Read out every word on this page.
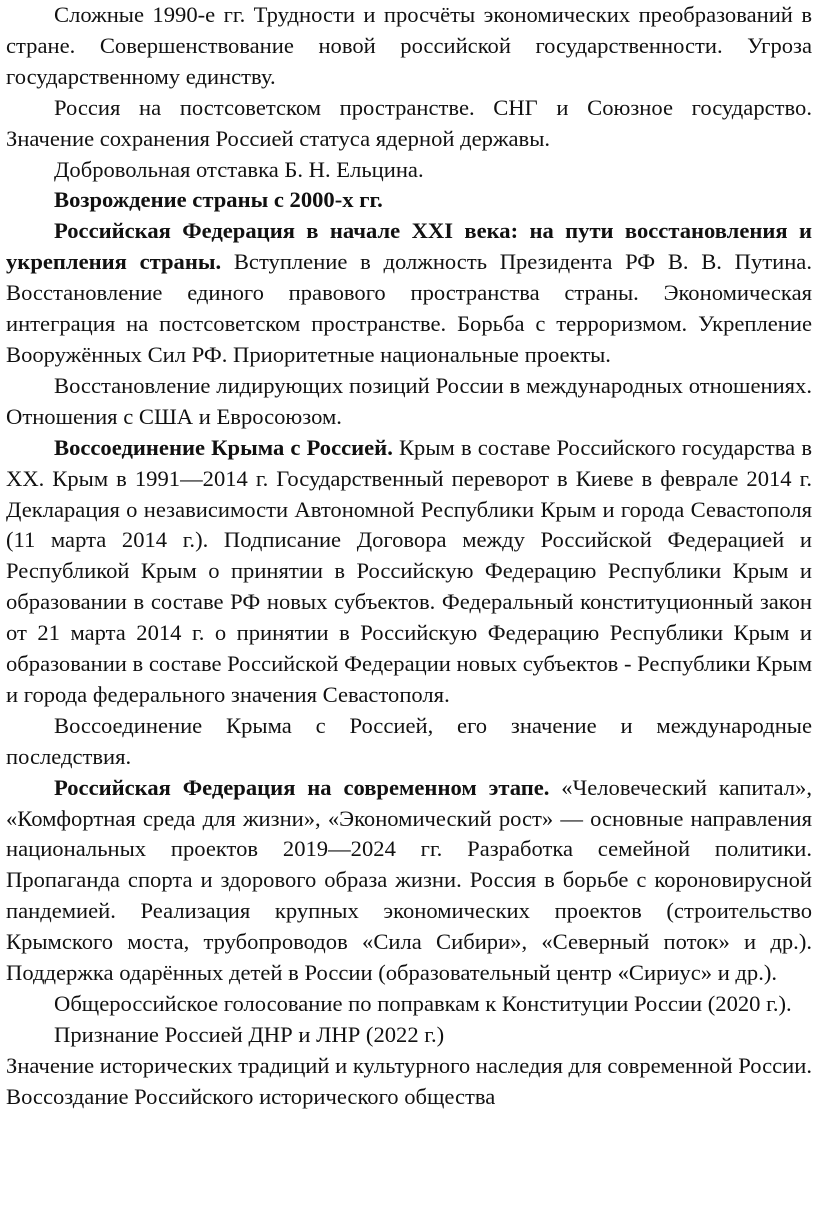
Сложные 1990-е гг. Трудности и просчёты экономических преобразований в стране. Совершенствование новой российской государственности. Угроза государственному единству.

Россия на постсоветском пространстве. СНГ и Союзное государство. Значение сохранения Россией статуса ядерной державы.

Добровольная отставка Б. Н. Ельцина.

Возрождение страны с 2000-х гг.

Российская Федерация в начале XXI века: на пути восстановления и укрепления страны. Вступление в должность Президента РФ В. В. Путина. Восстановление единого правового пространства страны. Экономическая интеграция на постсоветском пространстве. Борьба с терроризмом. Укрепление Вооружённых Сил РФ. Приоритетные национальные проекты.

Восстановление лидирующих позиций России в международных отношениях. Отношения с США и Евросоюзом.

Воссоединение Крыма с Россией. Крым в составе Российского государства в ХХ. Крым в 1991—2014 г. Государственный переворот в Киеве в феврале 2014 г. Декларация о независимости Автономной Республики Крым и города Севастополя (11 марта 2014 г.). Подписание Договора между Российской Федерацией и Республикой Крым о принятии в Российскую Федерацию Республики Крым и образовании в составе РФ новых субъектов. Федеральный конституционный закон от 21 марта 2014 г. о принятии в Российскую Федерацию Республики Крым и образовании в составе Российской Федерации новых субъектов - Республики Крым и города федерального значения Севастополя.

Воссоединение Крыма с Россией, его значение и международные последствия.

Российская Федерация на современном этапе. «Человеческий капитал», «Комфортная среда для жизни», «Экономический рост» — основные направления национальных проектов 2019—2024 гг. Разработка семейной политики. Пропаганда спорта и здорового образа жизни. Россия в борьбе с короновирусной пандемией. Реализация крупных экономических проектов (строительство Крымского моста, трубопроводов «Сила Сибири», «Северный поток» и др.). Поддержка одарённых детей в России (образовательный центр «Сириус» и др.).

Общероссийское голосование по поправкам к Конституции России (2020 г.).

Признание Россией ДНР и ЛНР (2022 г.)

Значение исторических традиций и культурного наследия для современной России. Воссоздание Российского исторического общества
